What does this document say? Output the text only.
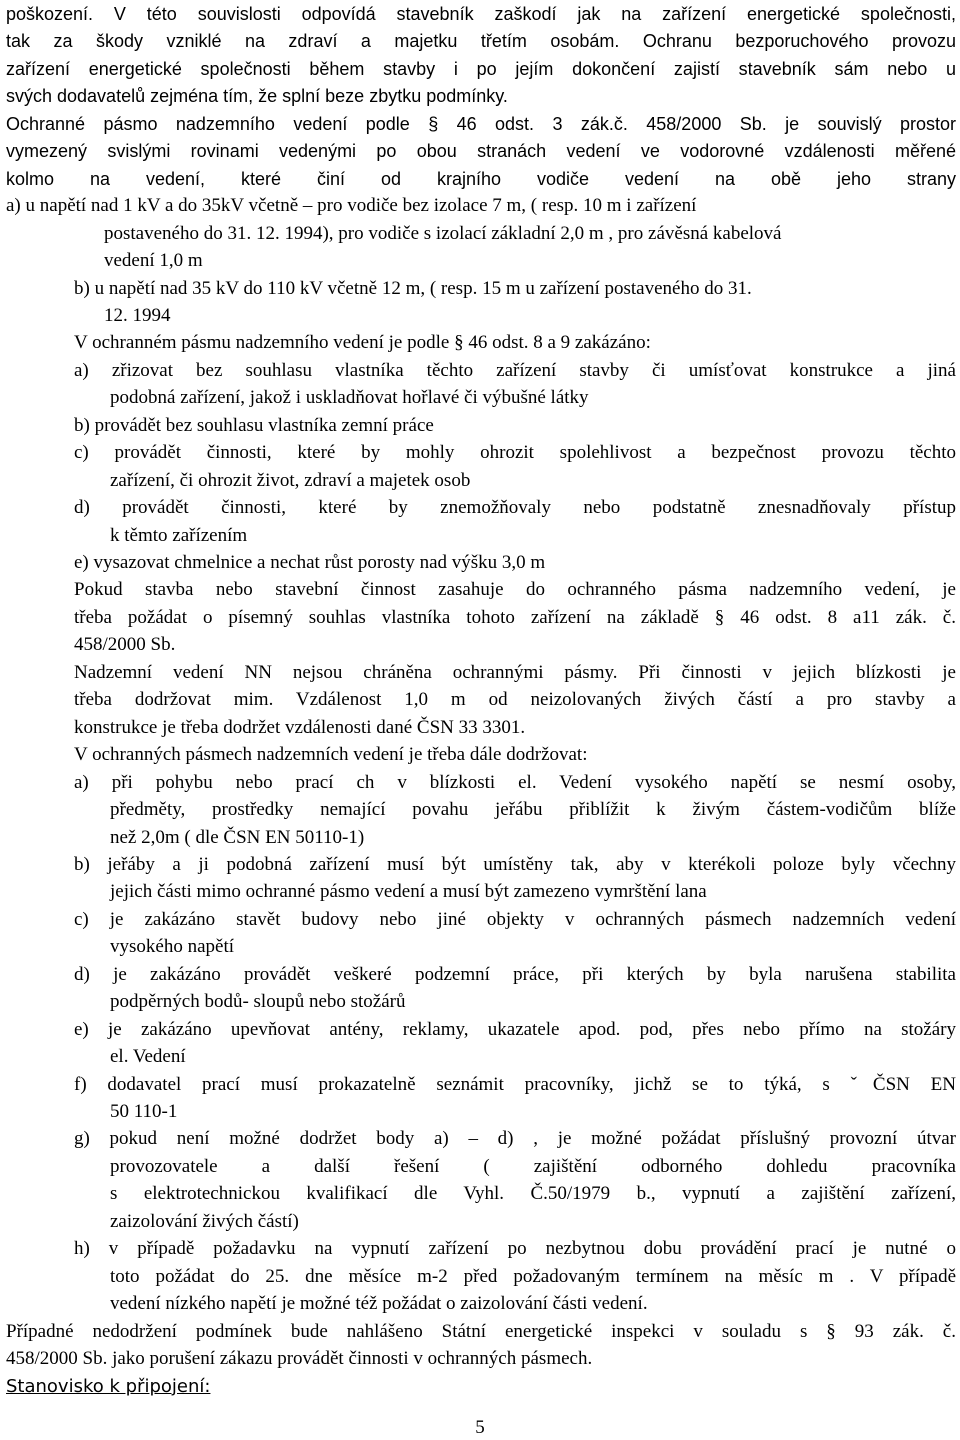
poškození. V této souvislosti odpovídá stavebník zaškodí jak na zařízení energetické společnosti,
tak za škody vzniklé na zdraví a majetku třetím osobám. Ochranu bezporuchového provozu
zařízení energetické společnosti během stavby i po jejím dokončení zajistí stavebník sám nebo u
svých dodavatelů zejména tím, že splní beze zbytku podmínky.
Ochranné pásmo nadzemního vedení podle § 46 odst. 3 zák.č. 458/2000 Sb. je souvislý prostor
vymezený svislými rovinami vedenými po obou stranách vedení ve vodorovné vzdálenosti měřené
kolmo na vedení, které činí od krajního vodiče vedení na obě jeho strany
a) u napětí nad 1 kV a do 35kV včetně – pro vodiče bez izolace 7 m, ( resp. 10 m i zařízení
postaveného do 31. 12. 1994), pro vodiče s izolací základní 2,0 m , pro závěsná kabelová
vedení 1,0 m
b) u napětí nad 35 kV do 110 kV včetně 12 m, ( resp. 15 m u zařízení postaveného do 31.
12. 1994
V ochranném pásmu nadzemního vedení je podle § 46 odst. 8 a 9 zakázáno:
a) zřizovat bez souhlasu vlastníka těchto zařízení stavby či umísťovat konstrukce a jiná
podobná zařízení, jakož i uskladňovat hořlavé či výbušné látky
b) provádět bez souhlasu vlastníka zemní práce
c) provádět činnosti, které by mohly ohrozit spolehlivost a bezpečnost provozu těchto
zařízení, či ohrozit život, zdraví a majetek osob
d) provádět činnosti, které by znemožňovaly nebo podstatně znesnadňovaly přístup
k těmto zařízením
e) vysazovat chmelnice a nechat růst porosty nad výšku 3,0 m
Pokud stavba nebo stavební činnost zasahuje do ochranného pásma nadzemního vedení, je
třeba požádat o písemný souhlas vlastníka tohoto zařízení na základě § 46 odst. 8 a11 zák. č.
458/2000 Sb.
Nadzemní vedení NN nejsou chráněna ochrannými pásmy. Při činnosti v jejich blízkosti je
třeba dodržovat mim. Vzdálenost 1,0 m od neizolovaných živých částí a pro stavby a
konstrukce je třeba dodržet vzdálenosti dané ČSN 33 3301.
V ochranných pásmech nadzemních vedení je třeba dále dodržovat:
a) při pohybu nebo prací ch v blízkosti el. Vedení vysokého napětí se nesmí osoby,
předměty, prostředky nemající povahu jeřábu přiblížit k živým částem-vodičům blíže
než 2,0m ( dle ČSN EN 50110-1)
b) jeřáby a ji podobná zařízení musí být umístěny tak, aby v kterékoli poloze byly včechny
jejich části mimo ochranné pásmo vedení a musí být zamezeno vymrštění lana
c) je zakázáno stavět budovy nebo jiné objekty v ochranných pásmech nadzemních vedení
vysokého napětí
d) je zakázáno provádět veškeré podzemní práce, při kterých by byla narušena stabilita
podpěrných bodů- sloupů nebo stožárů
e) je zakázáno upevňovat antény, reklamy, ukazatele apod. pod, přes nebo přímo na stožáry
el. Vedení
f) dodavatel prací musí prokazatelně seznámit pracovníky, jichž se to týká, s ˇČSN EN
50 110-1
g) pokud není možné dodržet body a) – d) , je možné požádat příslušný provozní útvar
provozovatele a další řešení ( zajištění odborného dohledu pracovníka
s elektrotechnickou kvalifikací dle Vyhl. Č.50/1979 b., vypnutí a zajištění zařízení,
zaizolování živých částí)
h) v případě požadavku na vypnutí zařízení po nezbytnou dobu provádění prací je nutné o
toto požádat do 25. dne měsíce m-2 před požadovaným termínem na měsíc m . V případě
vedení nízkého napětí je možné též požádat o zaizolování části vedení.
Případné nedodržení podmínek bude nahlášeno Státní energetické inspekci v souladu s § 93 zák. č.
458/2000 Sb. jako porušení zákazu provádět činnosti v ochranných pásmech.
Stanovisko k připojení:
5
